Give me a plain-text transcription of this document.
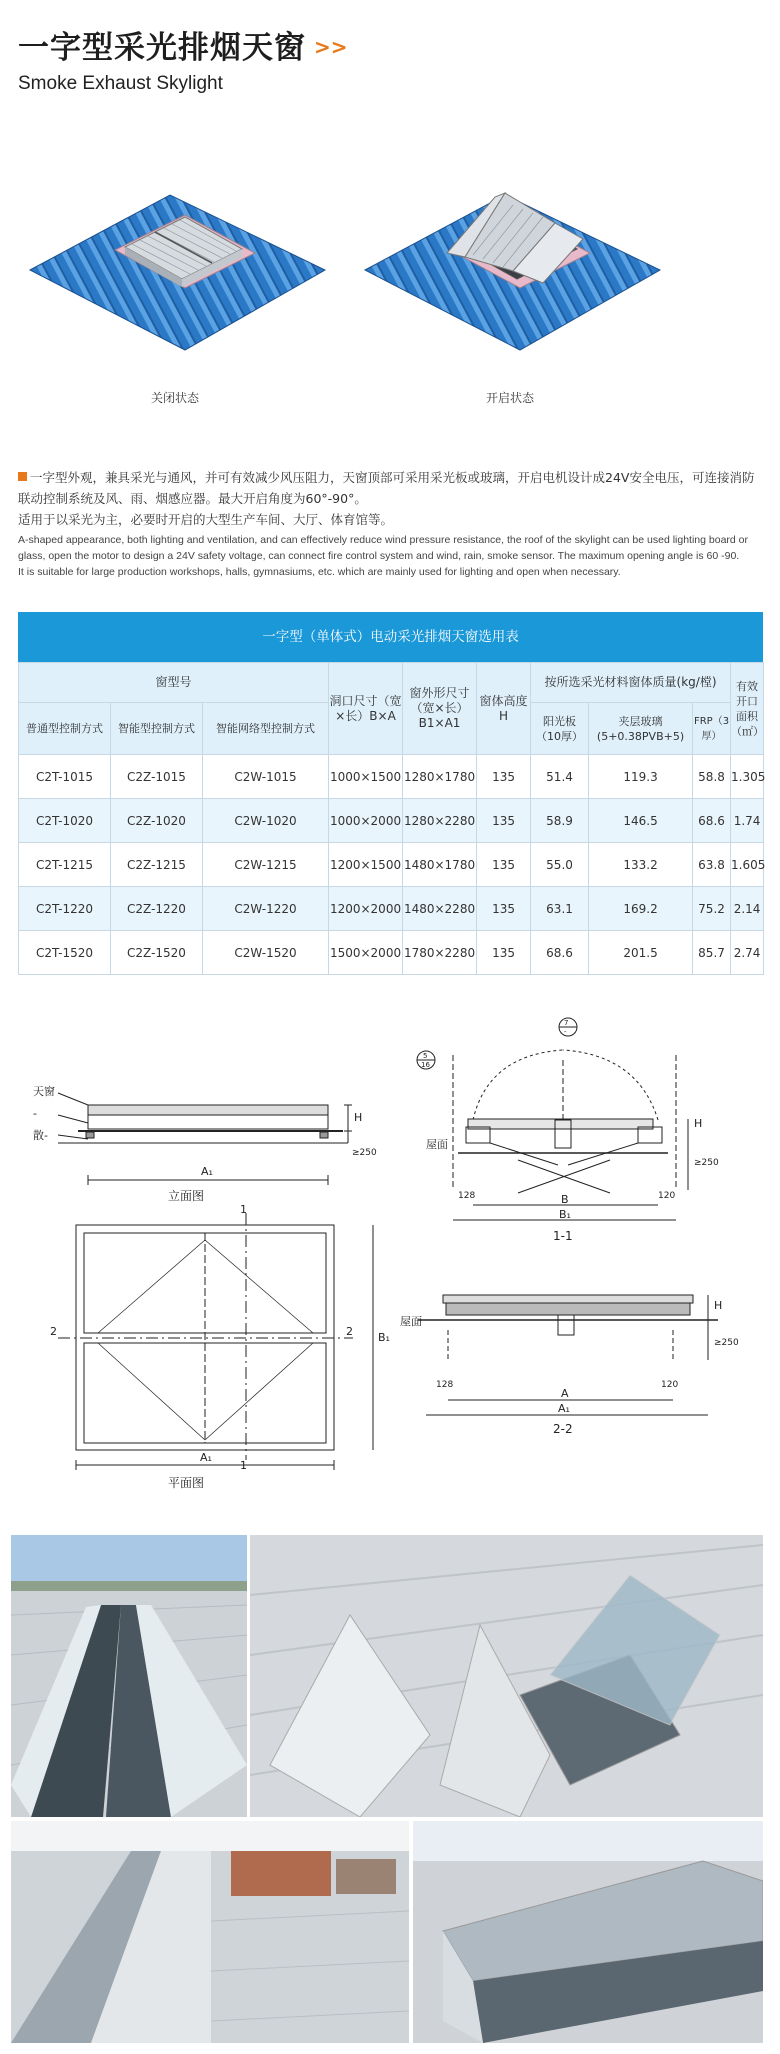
一字型采光排烟天窗 >>
Smoke Exhaust Skylight
关闭状态	开启状态
一字型外观，兼具采光与通风，并可有效减少风压阻力，天窗顶部可采用采光板或玻璃，开启电机设计成24V安全电压，可连接消防联动控制系统及风、雨、烟感应器。最大开启角度为60°-90°。
适用于以采光为主，必要时开启的大型生产车间、大厅、体育馆等。
A-shaped appearance, both lighting and ventilation, and can effectively reduce wind pressure resistance, the roof of the skylight can be used lighting board or glass, open the motor to design a 24V safety voltage, can connect fire control system and wind, rain, smoke sensor. The maximum opening angle is 60 -90.
It is suitable for large production workshops, halls, gymnasiums, etc. which are mainly used for lighting and open when necessary.
一字型（单体式）电动采光排烟天窗选用表
窗型号			洞口尺寸（宽×长）B×A	窗外形尺寸（宽×长）B1×A1	窗体高度H	按所选采光材料窗体质量(kg/樘)			有效开口面积（㎡）
普通型控制方式	智能型控制方式	智能网络型控制方式				阳光板（10厚）	夹层玻璃(5+0.38PVB+5)	FRP（3厚）	
C2T-1015	C2Z-1015	C2W-1015	1000×1500	1280×1780	135	51.4	119.3	58.8	1.305
C2T-1020	C2Z-1020	C2W-1020	1000×2000	1280×2280	135	58.9	146.5	68.6	1.74
C2T-1215	C2Z-1215	C2W-1215	1200×1500	1480×1780	135	55.0	133.2	63.8	1.605
C2T-1220	C2Z-1220	C2W-1220	1200×2000	1480×2280	135	63.1	169.2	75.2	2.14
C2T-1520	C2Z-1520	C2W-1520	1500×2000	1780×2280	135	68.6	201.5	85.7	2.74
天窗
-
散-
H
≥250
A₁
立面图
7
-
5
16
屋面
H
≥250
128	120
B
B₁
1-1
1
1
2	2 B₁
A₁
平面图
屋面
H
≥250
128	120
A
A₁
2-2
